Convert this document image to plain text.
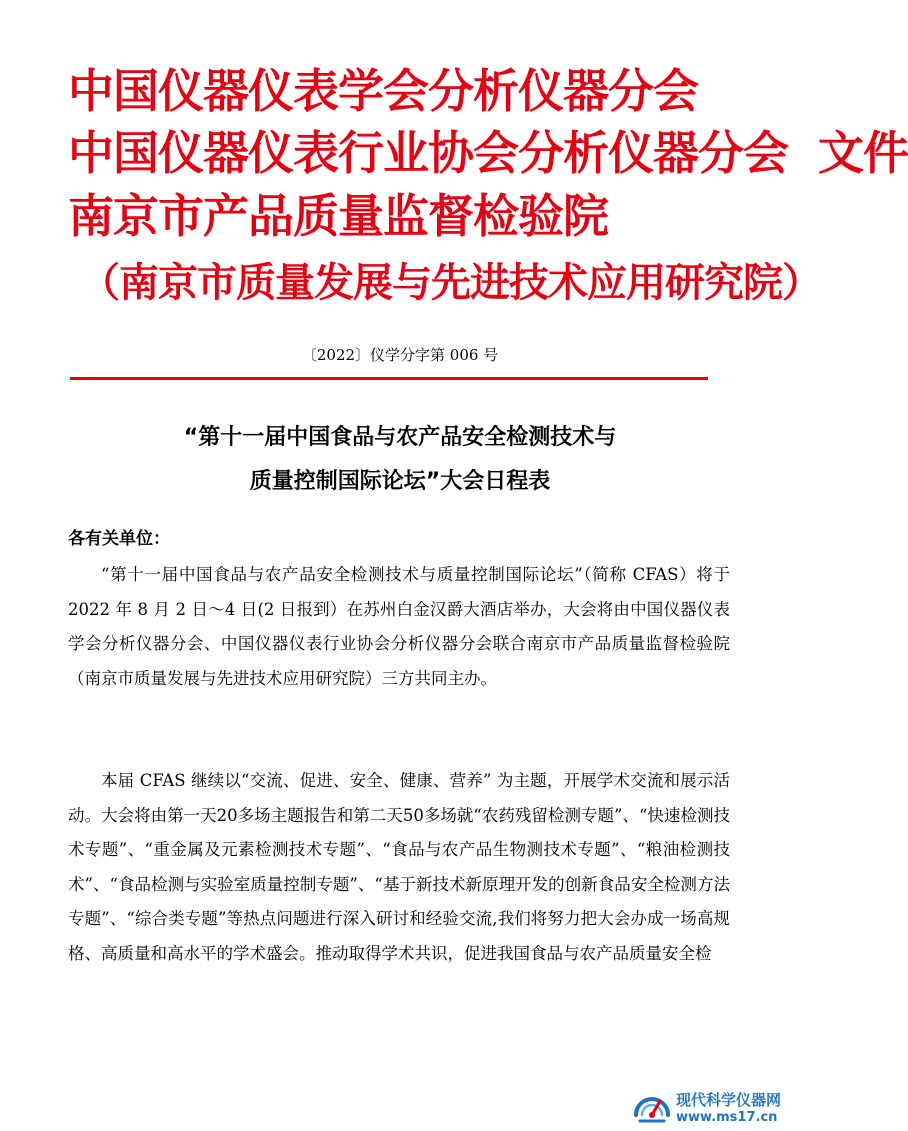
中国仪器仪表学会分析仪器分会
中国仪器仪表行业协会分析仪器分会 文件
南京市产品质量监督检验院
（南京市质量发展与先进技术应用研究院）
〔2022〕仪学分字第 006 号
“第十一届中国食品与农产品安全检测技术与
质量控制国际论坛”大会日程表
各有关单位：
“第十一届中国食品与农产品安全检测技术与质量控制国际论坛”（简称 CFAS）将于 2022 年 8 月 2 日～4 日(2 日报到）在苏州白金汉爵大酒店举办，大会将由中国仪器仪表学会分析仪器分会、中国仪器仪表行业协会分析仪器分会联合南京市产品质量监督检验院（南京市质量发展与先进技术应用研究院）三方共同主办。
本届 CFAS 继续以“交流、促进、安全、健康、营养” 为主题，开展学术交流和展示活动。大会将由第一天20多场主题报告和第二天50多场就“农药残留检测专题”、“快速检测技术专题”、“重金属及元素检测技术专题”、“食品与农产品生物测技术专题”、“粮油检测技术”、“食品检测与实验室质量控制专题”、“基于新技术新原理开发的创新食品安全检测方法专题”、“综合类专题”等热点问题进行深入研讨和经验交流,我们将努力把大会办成一场高规格、高质量和高水平的学术盛会。推动取得学术共识，促进我国食品与农产品质量安全检
现代科学仪器网
www.ms17.cn
